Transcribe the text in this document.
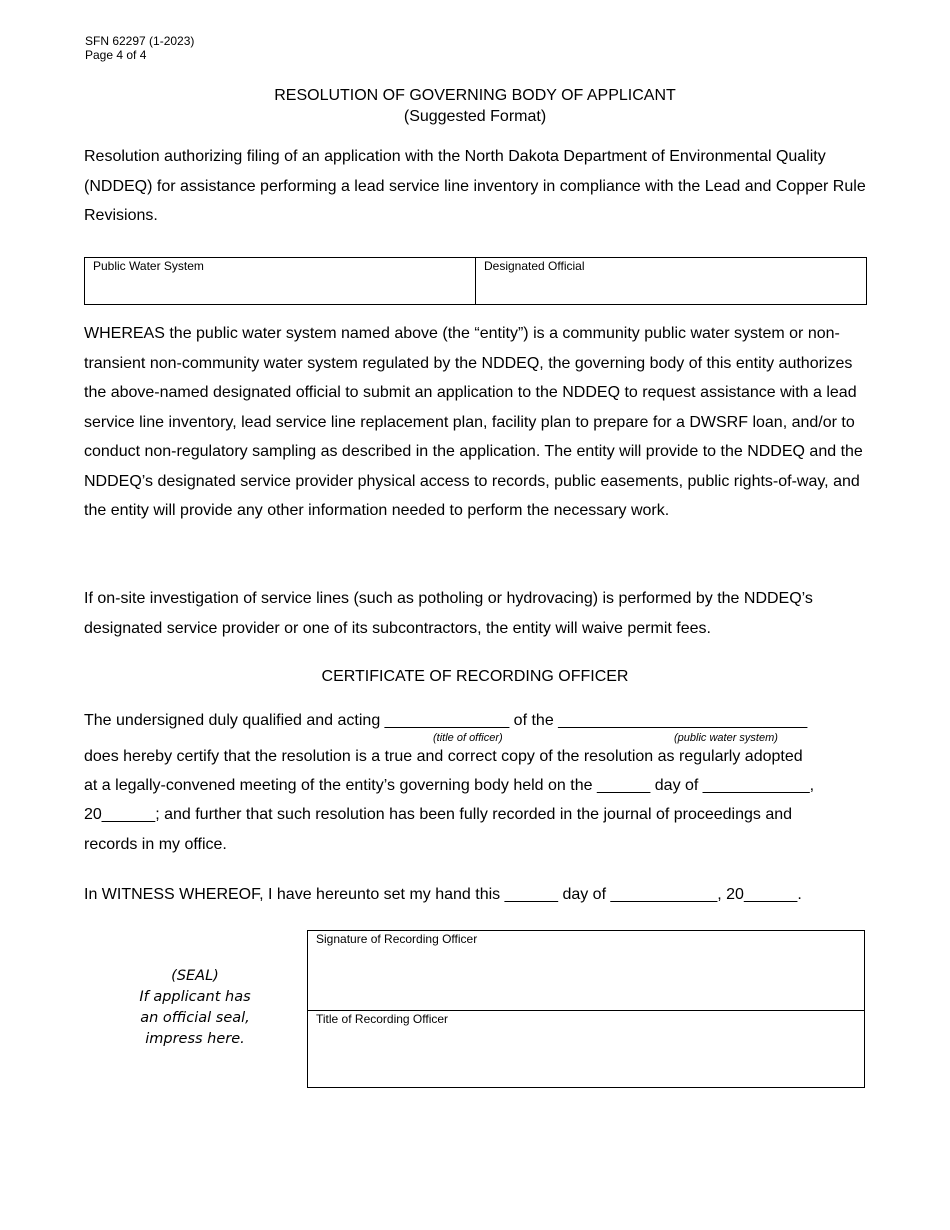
SFN 62297 (1-2023)
Page 4 of 4
RESOLUTION OF GOVERNING BODY OF APPLICANT
(Suggested Format)
Resolution authorizing filing of an application with the North Dakota Department of Environmental Quality (NDDEQ) for assistance performing a lead service line inventory in compliance with the Lead and Copper Rule Revisions.
Public Water System	Designated Official
WHEREAS the public water system named above (the “entity”) is a community public water system or non-transient non-community water system regulated by the NDDEQ, the governing body of this entity authorizes the above-named designated official to submit an application to the NDDEQ to request assistance with a lead service line inventory, lead service line replacement plan, facility plan to prepare for a DWSRF loan, and/or to conduct non-regulatory sampling as described in the application. The entity will provide to the NDDEQ and the NDDEQ’s designated service provider physical access to records, public easements, public rights-of-way, and the entity will provide any other information needed to perform the necessary work.
If on-site investigation of service lines (such as potholing or hydrovacing) is performed by the NDDEQ’s designated service provider or one of its subcontractors, the entity will waive permit fees.
CERTIFICATE OF RECORDING OFFICER
The undersigned duly qualified and acting ______________ of the ____________________________
(title of officer)	(public water system)
does hereby certify that the resolution is a true and correct copy of the resolution as regularly adopted
at a legally-convened meeting of the entity’s governing body held on the ______ day of ____________,
20______; and further that such resolution has been fully recorded in the journal of proceedings and
records in my office.
In WITNESS WHEREOF, I have hereunto set my hand this ______ day of ____________, 20______.
(SEAL)
If applicant has
an official seal,
impress here.
Signature of Recording Officer
Title of Recording Officer
